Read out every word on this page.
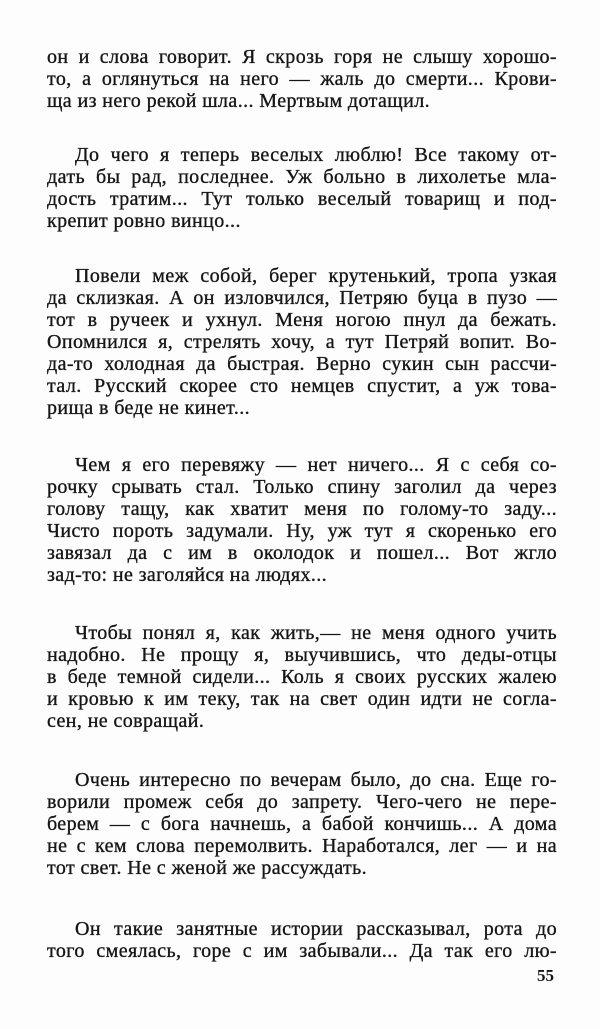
он и слова говорит. Я скрозь горя не слышу хорошо-
то, а оглянуться на него — жаль до смерти... Крови-
ща из него рекой шла... Мертвым дотащил.
До чего я теперь веселых люблю! Все такому от-
дать бы рад, последнее. Уж больно в лихолетье мла-
дость тратим... Тут только веселый товарищ и под-
крепит ровно винцо...
Повели меж собой, берег крутенький, тропа узкая
да склизкая. А он изловчился, Петряю буца в пузо —
тот в ручеек и ухнул. Меня ногою пнул да бежать.
Опомнился я, стрелять хочу, а тут Петряй вопит. Во-
да-то холодная да быстрая. Верно сукин сын рассчи-
тал. Русский скорее сто немцев спустит, а уж това-
рища в беде не кинет...
Чем я его перевяжу — нет ничего... Я с себя со-
рочку срывать стал. Только спину заголил да через
голову тащу, как хватит меня по голому-то заду...
Чисто пороть задумали. Ну, уж тут я скоренько его
завязал да с им в околодок и пошел... Вот жгло
зад-то: не заголяйся на людях...
Чтобы понял я, как жить,— не меня одного учить
надобно. Не прощу я, выучившись, что деды-отцы
в беде темной сидели... Коль я своих русских жалею
и кровью к им теку, так на свет один идти не согла-
сен, не совращай.
Очень интересно по вечерам было, до сна. Еще го-
ворили промеж себя до запрету. Чего-чего не пере-
берем — с бога начнешь, а бабой кончишь... А дома
не с кем слова перемолвить. Наработался, лег — и на
тот свет. Не с женой же рассуждать.
Он такие занятные истории рассказывал, рота до
того смеялась, горе с им забывали... Да так его лю-
55
